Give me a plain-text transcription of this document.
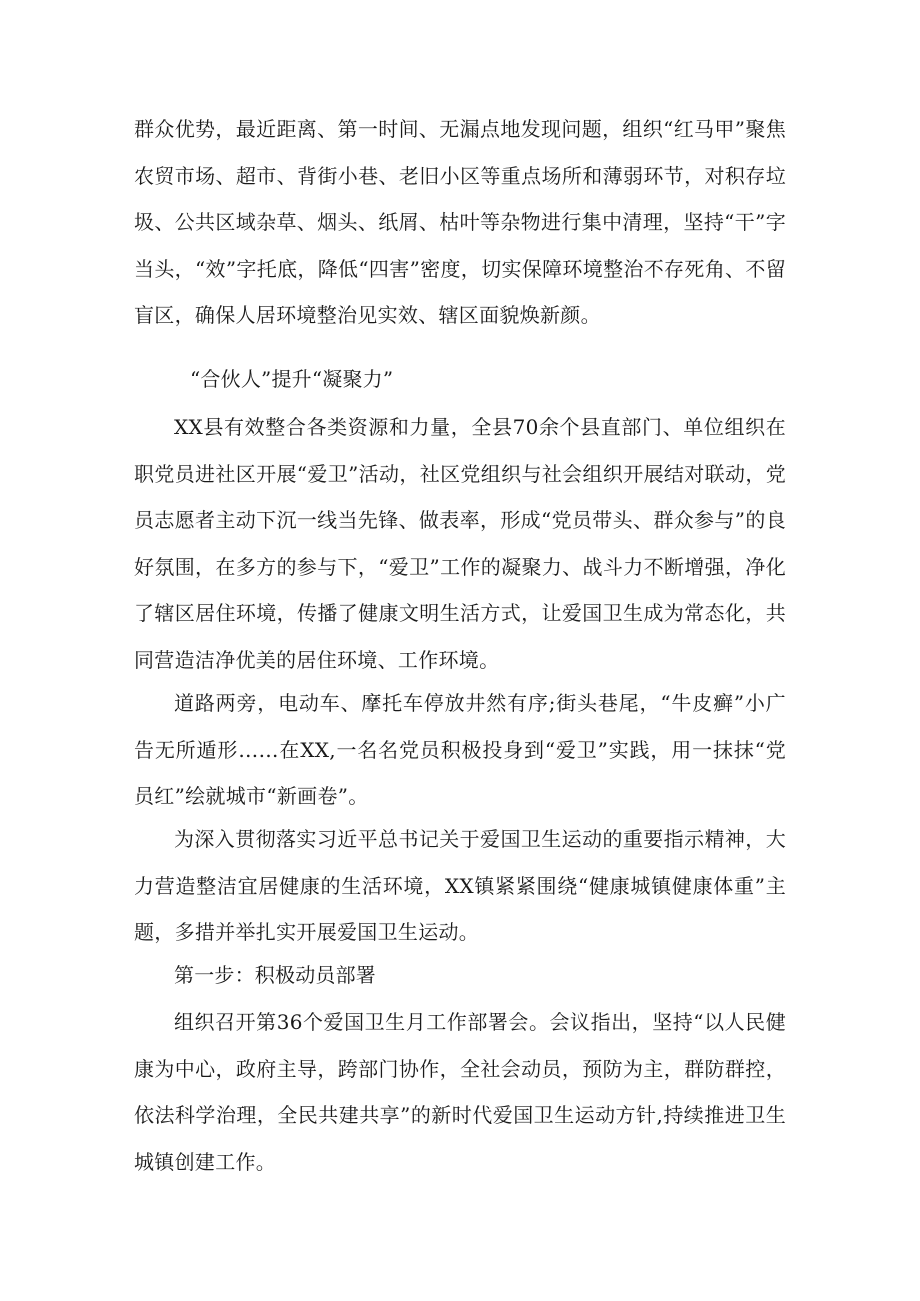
群众优势，最近距离、第一时间、无漏点地发现问题，组织“红马甲”聚焦农贸市场、超市、背街小巷、老旧小区等重点场所和薄弱环节，对积存垃圾、公共区域杂草、烟头、纸屑、枯叶等杂物进行集中清理，坚持“干”字当头，“效”字托底，降低“四害”密度，切实保障环境整治不存死角、不留盲区，确保人居环境整治见实效、辖区面貌焕新颜。

“合伙人”提升“凝聚力”

XX县有效整合各类资源和力量，全县70余个县直部门、单位组织在职党员进社区开展“爱卫”活动，社区党组织与社会组织开展结对联动，党员志愿者主动下沉一线当先锋、做表率，形成“党员带头、群众参与”的良好氛围，在多方的参与下，“爱卫”工作的凝聚力、战斗力不断增强，净化了辖区居住环境，传播了健康文明生活方式，让爱国卫生成为常态化，共同营造洁净优美的居住环境、工作环境。

道路两旁，电动车、摩托车停放井然有序;街头巷尾，“牛皮癣”小广告无所遁形……在XX,一名名党员积极投身到“爱卫”实践，用一抹抹“党员红”绘就城市“新画卷”。

为深入贯彻落实习近平总书记关于爱国卫生运动的重要指示精神，大力营造整洁宜居健康的生活环境，XX镇紧紧围绕“健康城镇健康体重”主题，多措并举扎实开展爱国卫生运动。

第一步：积极动员部署

组织召开第36个爱国卫生月工作部署会。会议指出，坚持“以人民健康为中心，政府主导，跨部门协作，全社会动员，预防为主，群防群控，依法科学治理，全民共建共享”的新时代爱国卫生运动方针,持续推进卫生城镇创建工作。
